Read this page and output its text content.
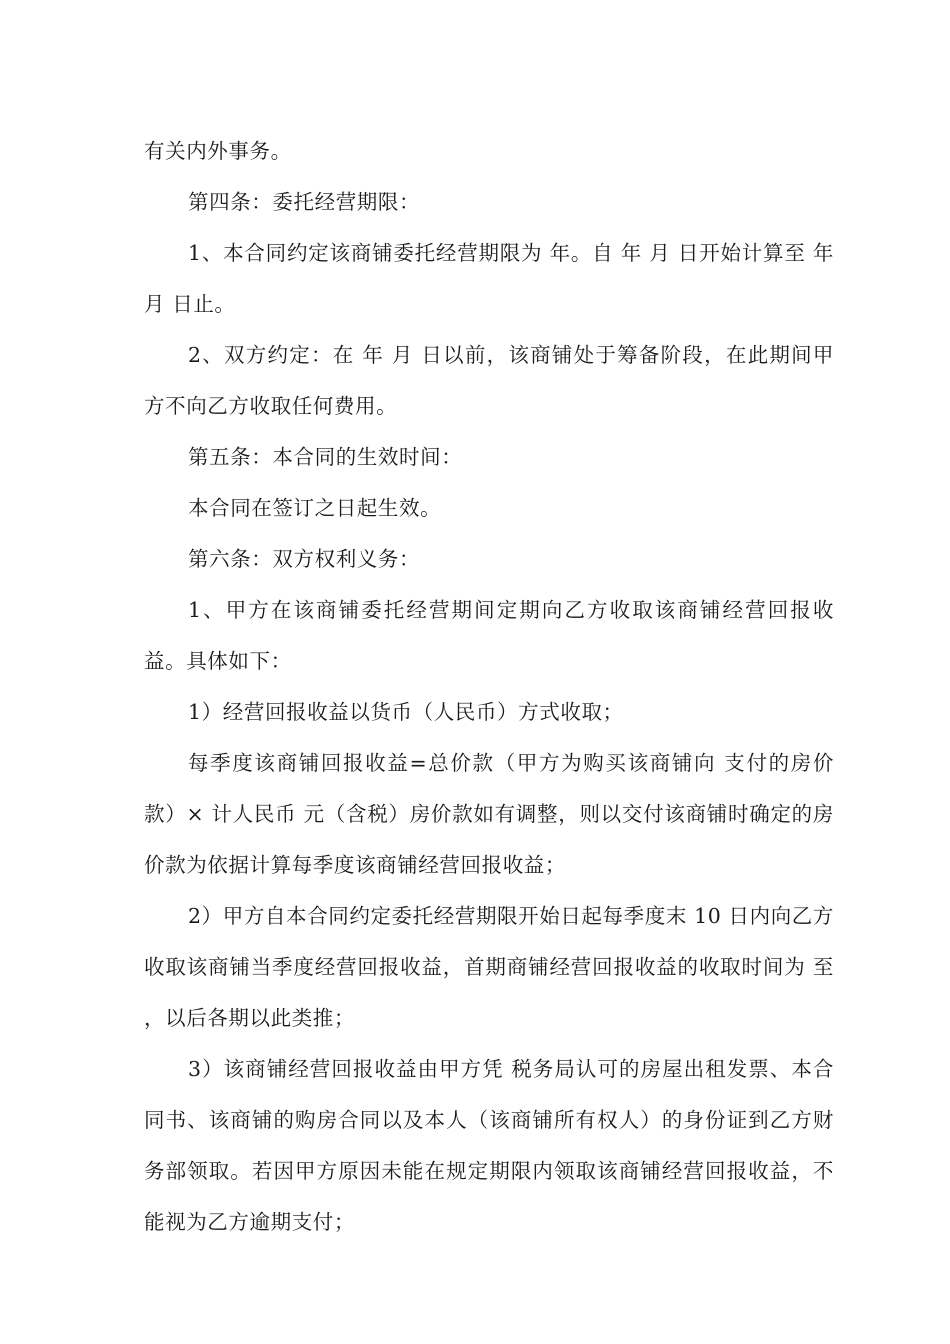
有关内外事务。

第四条：委托经营期限：

1、本合同约定该商铺委托经营期限为 年。自 年 月 日开始计算至 年 月 日止。

2、双方约定：在 年 月 日以前，该商铺处于筹备阶段，在此期间甲方不向乙方收取任何费用。

第五条：本合同的生效时间：

本合同在签订之日起生效。

第六条：双方权利义务：

1、甲方在该商铺委托经营期间定期向乙方收取该商铺经营回报收益。具体如下：

1）经营回报收益以货币（人民币）方式收取；

每季度该商铺回报收益=总价款（甲方为购买该商铺向 支付的房价款）× 计人民币 元（含税）房价款如有调整，则以交付该商铺时确定的房价款为依据计算每季度该商铺经营回报收益；

2）甲方自本合同约定委托经营期限开始日起每季度末 10 日内向乙方收取该商铺当季度经营回报收益，首期商铺经营回报收益的收取时间为 至 ，以后各期以此类推；

3）该商铺经营回报收益由甲方凭 税务局认可的房屋出租发票、本合同书、该商铺的购房合同以及本人（该商铺所有权人）的身份证到乙方财务部领取。若因甲方原因未能在规定期限内领取该商铺经营回报收益，不能视为乙方逾期支付；
